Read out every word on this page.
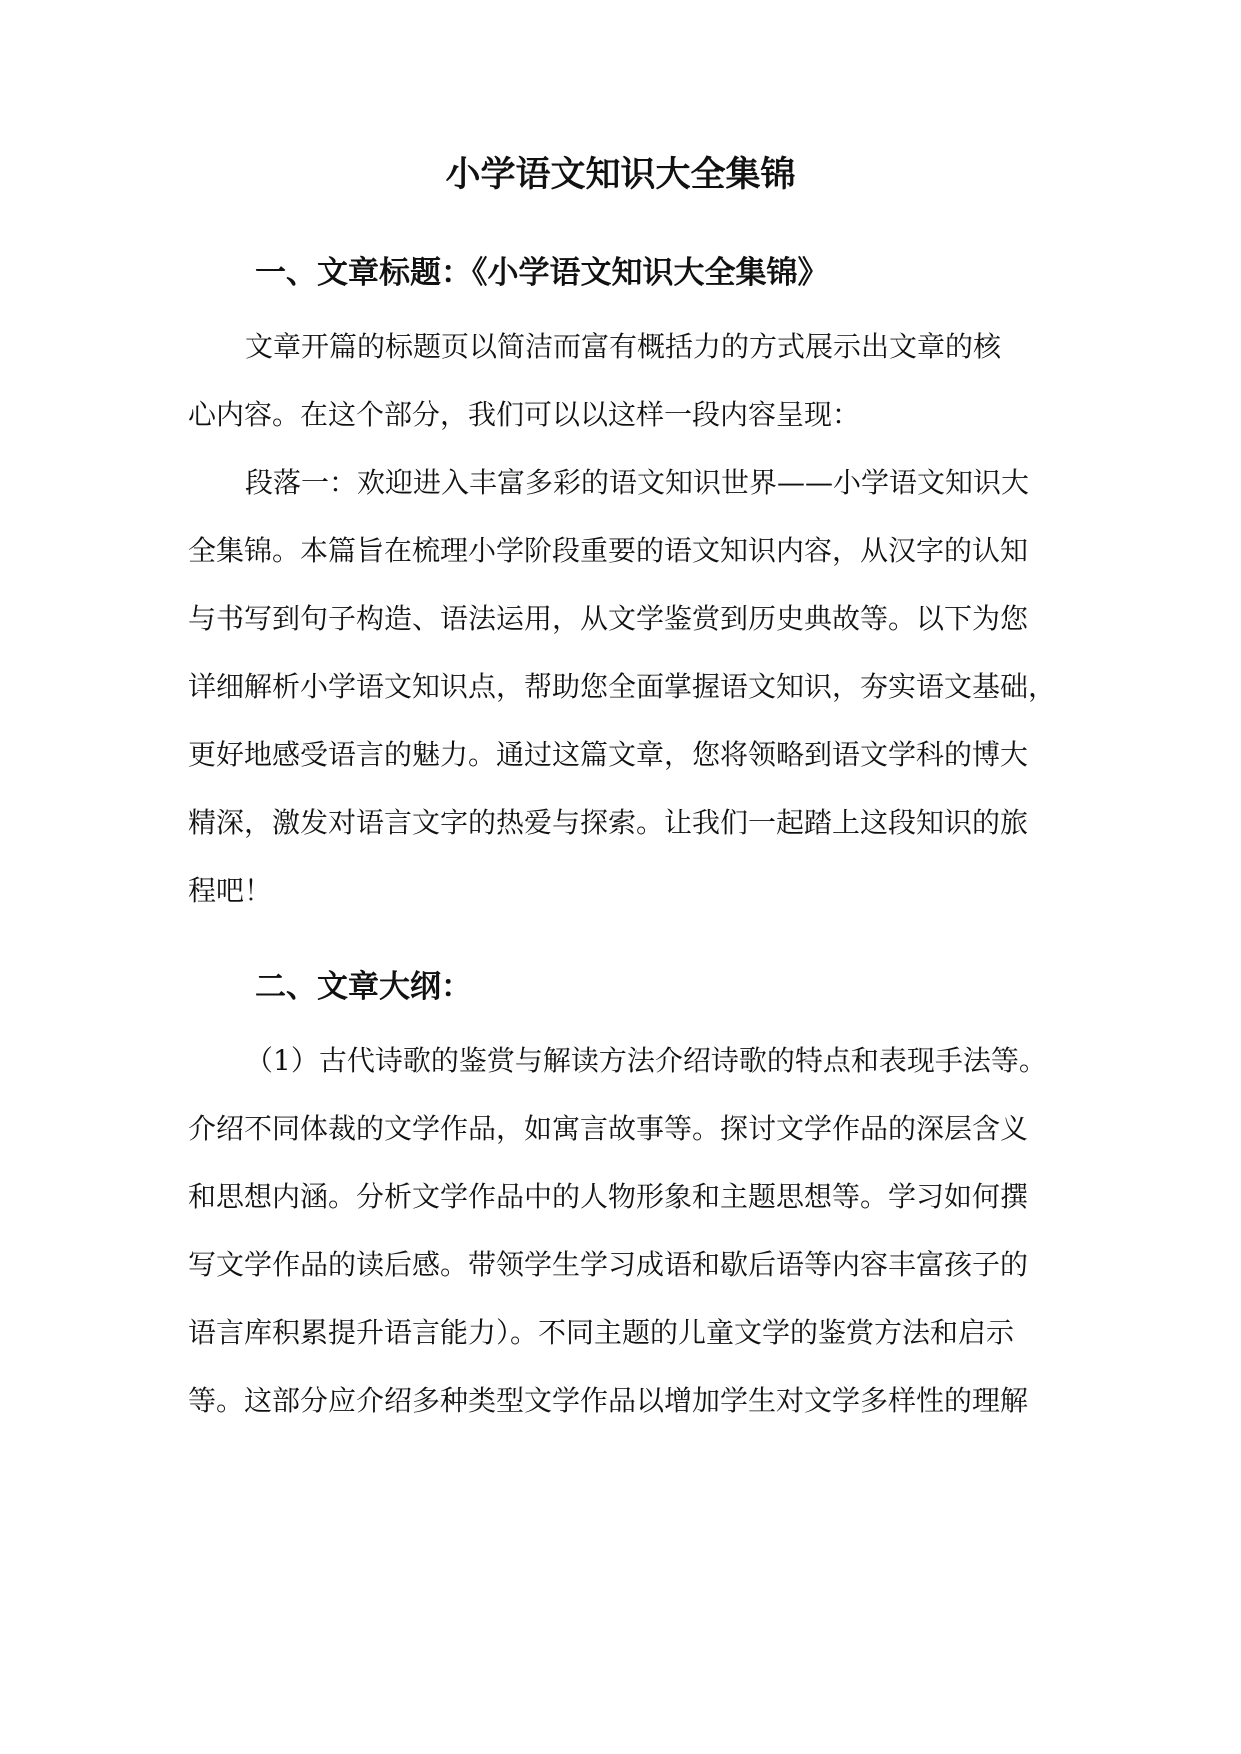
小学语文知识大全集锦
一、文章标题：《小学语文知识大全集锦》
文章开篇的标题页以简洁而富有概括力的方式展示出文章的核
心内容。在这个部分，我们可以以这样一段内容呈现：
段落一：欢迎进入丰富多彩的语文知识世界——小学语文知识大
全集锦。本篇旨在梳理小学阶段重要的语文知识内容，从汉字的认知
与书写到句子构造、语法运用，从文学鉴赏到历史典故等。以下为您
详细解析小学语文知识点，帮助您全面掌握语文知识，夯实语文基础，
更好地感受语言的魅力。通过这篇文章，您将领略到语文学科的博大
精深，激发对语言文字的热爱与探索。让我们一起踏上这段知识的旅
程吧！
二、文章大纲：
（1）古代诗歌的鉴赏与解读方法介绍诗歌的特点和表现手法等。
介绍不同体裁的文学作品，如寓言故事等。探讨文学作品的深层含义
和思想内涵。分析文学作品中的人物形象和主题思想等。学习如何撰
写文学作品的读后感。带领学生学习成语和歇后语等内容丰富孩子的
语言库积累提升语言能力）。不同主题的儿童文学的鉴赏方法和启示
等。这部分应介绍多种类型文学作品以增加学生对文学多样性的理解
